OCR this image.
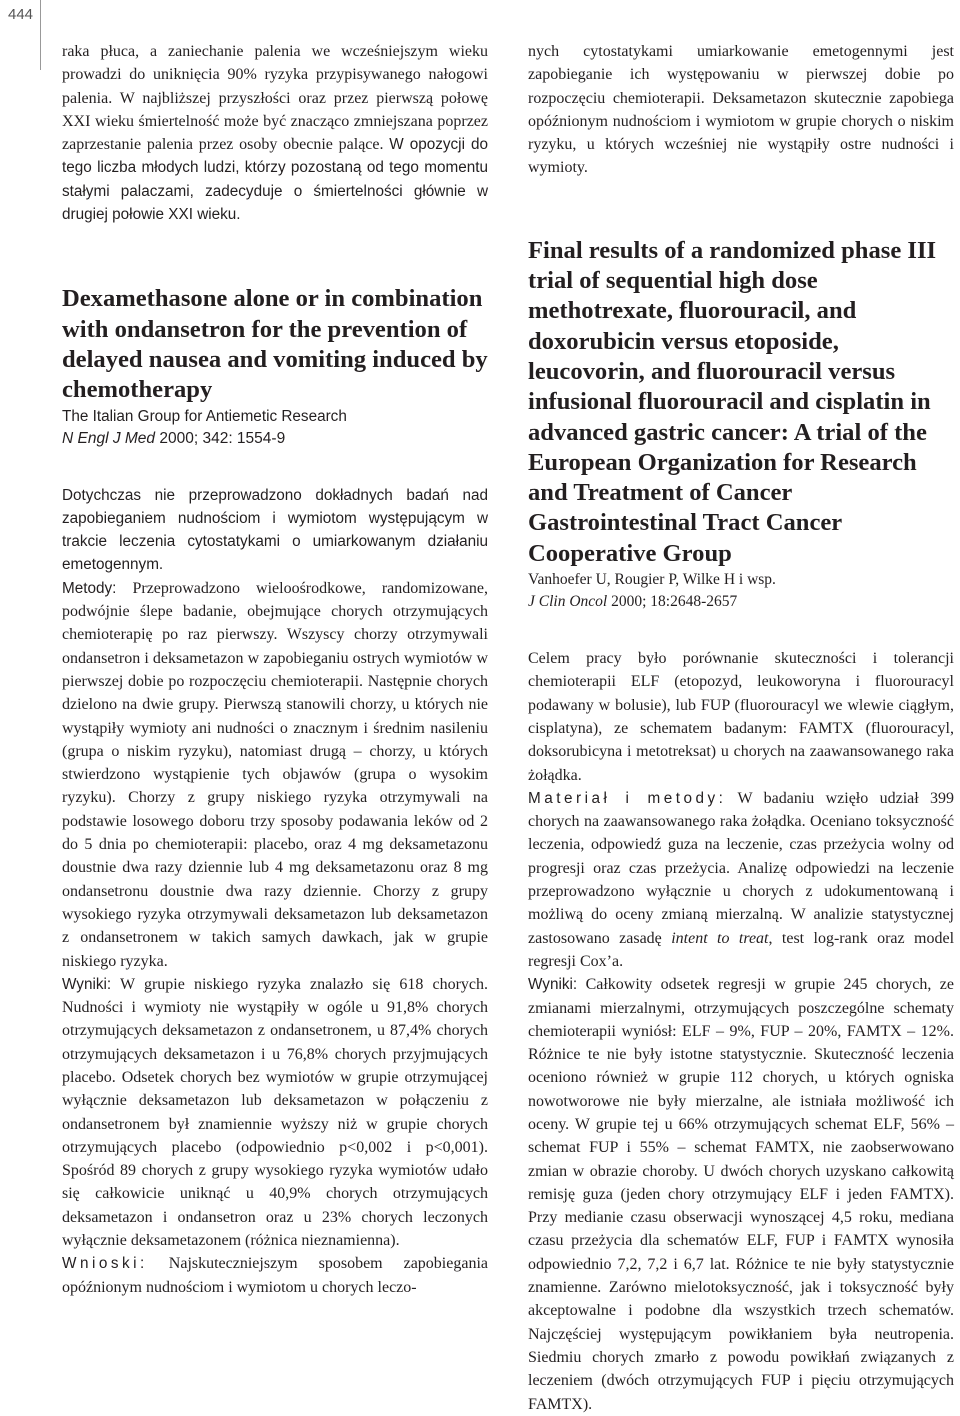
444

raka płuca, a zaniechanie palenia we wcześniejszym wieku prowadzi do uniknięcia 90% ryzyka przypisywanego nałogowi palenia. W najbliższej przyszłości oraz przez pierwszą połowę XXI wieku śmiertelność może być znacząco zmniejszana poprzez zaprzestanie palenia przez osoby obecnie palące. W opozycji do tego liczba młodych ludzi, którzy pozostaną od tego momentu stałymi palaczami, zadecyduje o śmiertelności głównie w drugiej połowie XXI wieku.

Dexamethasone alone or in combination with ondansetron for the prevention of delayed nausea and vomiting induced by chemotherapy
The Italian Group for Antiemetic Research
N Engl J Med 2000; 342: 1554-9

Dotychczas nie przeprowadzono dokładnych badań nad zapobieganiem nudnościom i wymiotom występującym w trakcie leczenia cytostatykami o umiarkowanym działaniu emetogennym.

Metody: Przeprowadzono wieloośrodkowe, randomizowane, podwójnie ślepe badanie, obejmujące chorych otrzymujących chemioterapię po raz pierwszy. Wszyscy chorzy otrzymywali ondansetron i deksametazon w zapobieganiu ostrych wymiotów w pierwszej dobie po rozpoczęciu chemioterapii. Następnie chorych dzielono na dwie grupy. Pierwszą stanowili chorzy, u których nie wystąpiły wymioty ani nudności o znacznym i średnim nasileniu (grupa o niskim ryzyku), natomiast drugą – chorzy, u których stwierdzono wystąpienie tych objawów (grupa o wysokim ryzyku). Chorzy z grupy niskiego ryzyka otrzymywali na podstawie losowego doboru trzy sposoby podawania leków od 2 do 5 dnia po chemioterapii: placebo, oraz 4 mg deksametazonu doustnie dwa razy dziennie lub 4 mg deksametazonu oraz 8 mg ondansetronu doustnie dwa razy dziennie. Chorzy z grupy wysokiego ryzyka otrzymywali deksametazon lub deksametazon z ondansetronem w takich samych dawkach, jak w grupie niskiego ryzyka.

Wyniki: W grupie niskiego ryzyka znalazło się 618 chorych. Nudności i wymioty nie wystąpiły w ogóle u 91,8% chorych otrzymujących deksametazon z ondansetronem, u 87,4% chorych otrzymujących deksametazon i u 76,8% chorych przyjmujących placebo. Odsetek chorych bez wymiotów w grupie otrzymującej wyłącznie deksametazon lub deksametazon w połączeniu z ondansetronem był znamiennie wyższy niż w grupie chorych otrzymujących placebo (odpowiednio p<0,002 i p<0,001). Spośród 89 chorych z grupy wysokiego ryzyka wymiotów udało się całkowicie uniknąć u 40,9% chorych otrzymujących deksametazon i ondansetron oraz u 23% chorych leczonych wyłącznie deksametazonem (różnica nieznamienna).

Wnioski: Najskuteczniejszym sposobem zapobiegania opóźnionym nudnościom i wymiotom u chorych leczo-

nych cytostatykami umiarkowanie emetogennymi jest zapobieganie ich występowaniu w pierwszej dobie po rozpoczęciu chemioterapii. Deksametazon skutecznie zapobiega opóźnionym nudnościom i wymiotom w grupie chorych o niskim ryzyku, u których wcześniej nie wystąpiły ostre nudności i wymioty.

Final results of a randomized phase III trial of sequential high dose methotrexate, fluorouracil, and doxorubicin versus etoposide, leucovorin, and fluorouracil versus infusional fluorouracil and cisplatin in advanced gastric cancer: A trial of the European Organization for Research and Treatment of Cancer Gastrointestinal Tract Cancer Cooperative Group
Vanhoefer U, Rougier P, Wilke H i wsp.
J Clin Oncol 2000; 18:2648-2657

Celem pracy było porównanie skuteczności i tolerancji chemioterapii ELF (etopozyd, leukoworyna i fluorouracyl podawany w bolusie), lub FUP (fluorouracyl we wlewie ciągłym, cisplatyna), ze schematem badanym: FAMTX (fluorouracyl, doksorubicyna i metotreksat) u chorych na zaawansowanego raka żołądka.

Materiał i metody: W badaniu wzięło udział 399 chorych na zaawansowanego raka żołądka. Oceniano toksyczność leczenia, odpowiedź guza na leczenie, czas przeżycia wolny od progresji oraz czas przeżycia. Analizę odpowiedzi na leczenie przeprowadzono wyłącznie u chorych z udokumentowaną i możliwą do oceny zmianą mierzalną. W analizie statystycznej zastosowano zasadę intent to treat, test log-rank oraz model regresji Cox’a.

Wyniki: Całkowity odsetek regresji w grupie 245 chorych, ze zmianami mierzalnymi, otrzymujących poszczególne schematy chemioterapii wyniósł: ELF – 9%, FUP – 20%, FAMTX – 12%. Różnice te nie były istotne statystycznie. Skuteczność leczenia oceniono również w grupie 112 chorych, u których ogniska nowotworowe nie były mierzalne, ale istniała możliwość ich oceny. W grupie tej u 66% otrzymujących schemat ELF, 56% – schemat FUP i 55% – schemat FAMTX, nie zaobserwowano zmian w obrazie choroby. U dwóch chorych uzyskano całkowitą remisję guza (jeden chory otrzymujący ELF i jeden FAMTX). Przy medianie czasu obserwacji wynoszącej 4,5 roku, mediana czasu przeżycia dla schematów ELF, FUP i FAMTX wynosiła odpowiednio 7,2, 7,2 i 6,7 lat. Różnice te nie były statystycznie znamienne. Zarówno mielotoksyczność, jak i toksyczność były akceptowalne i podobne dla wszystkich trzech schematów. Najczęściej występującym powikłaniem była neutropenia. Siedmiu chorych zmarło z powodu powikłań związanych z leczeniem (dwóch otrzymujących FUP i pięciu otrzymujących FAMTX).
